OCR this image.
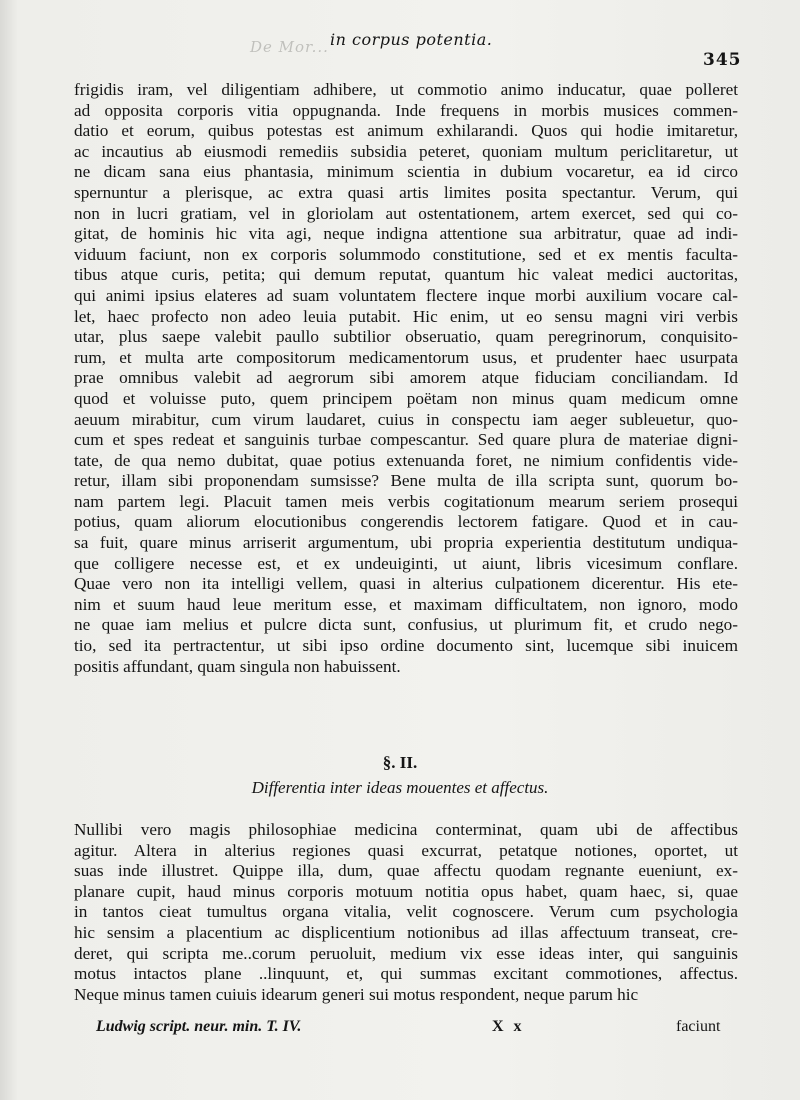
De Mor... in corpus potentia.
345
frigidis iram, vel diligentiam adhibere, ut commotio animo inducatur, quae polleret
ad opposita corporis vitia oppugnanda. Inde frequens in morbis musices commen-
datio et eorum, quibus potestas est animum exhilarandi. Quos qui hodie imitaretur,
ac incautius ab eiusmodi remediis subsidia peteret, quoniam multum periclitaretur, ut
ne dicam sana eius phantasia, minimum scientia in dubium vocaretur, ea id circo
spernuntur a plerisque, ac extra quasi artis limites posita spectantur. Verum, qui
non in lucri gratiam, vel in gloriolam aut ostentationem, artem exercet, sed qui co-
gitat, de hominis hic vita agi, neque indigna attentione sua arbitratur, quae ad indi-
viduum faciunt, non ex corporis solummodo constitutione, sed et ex mentis facultа-
tibus atque curis, petita; qui demum reputat, quantum hic valeat medici auctoritas,
qui animi ipsius elateres ad suam voluntatem flectere inque morbi auxilium vocare cal-
let, haec profecto non adeo leuia putabit. Hic enim, ut eo sensu magni viri verbis
utar, plus saepe valebit paullo subtilior obseruatio, quam peregrinorum, conquisito-
rum, et multa arte compositorum medicamentorum usus, et prudenter haec usurpata
prae omnibus valebit ad aegrorum sibi amorem atque fiduciam conciliandam. Id
quod et voluisse puto, quem principem poëtam non minus quam medicum omne
aeuum mirabitur, cum virum laudaret, cuius in conspectu iam aeger subleuetur, quo-
cum et spes redeat et sanguinis turbae compescantur. Sed quare plura de materiae digni-
tate, de qua nemo dubitat, quae potius extenuanda foret, ne nimium confidentis vide-
retur, illam sibi proponendam sumsisse? Bene multa de illa scripta sunt, quorum bo-
nam partem legi. Placuit tamen meis verbis cogitationum mearum seriem prosequi
potius, quam aliorum elocutionibus congerendis lectorem fatigare. Quod et in cau-
sa fuit, quare minus arriserit argumentum, ubi propria experientia destitutum undiqua-
que colligere necesse est, et ex undeuiginti, ut aiunt, libris vicesimum conflare.
Quae vero non ita intelligi vellem, quasi in alterius culpationem dicerentur. His ete-
nim et suum haud leue meritum esse, et maximam difficultatem, non ignoro, modo
ne quae iam melius et pulcre dicta sunt, confusius, ut plurimum fit, et crudo nego-
tio, sed ita pertractentur, ut sibi ipso ordine documento sint, lucemque sibi inuicem
positis affundant, quam singula non habuissent.
§. II.
Differentia inter ideas mouentes et affectus.
Nullibi vero magis philosophiae medicina conterminat, quam ubi de affectibus
agitur. Altera in alterius regiones quasi excurrat, petatque notiones, oportet, ut
suas inde illustret. Quippe illa, dum, quae affectu quodam regnante eueniunt, ex-
planare cupit, haud minus corporis motuum notitia opus habet, quam haec, si, quae
in tantos cieat tumultus organa vitalia, velit cognoscere. Verum cum psychologia
hic sensim a placentium ac displicentium notionibus ad illas affectuum transeat, cre-
deret, qui scripta me..corum peruoluit, medium vix esse ideas inter, qui sanguinis
motus intactos plane ..linquunt, et, qui summas excitant commotiones, affectus.
Neque minus tamen cuiuis idearum generi sui motus respondent, neque parum hic
Ludwig script. neur. min. T. IV.	X x	faciunt
